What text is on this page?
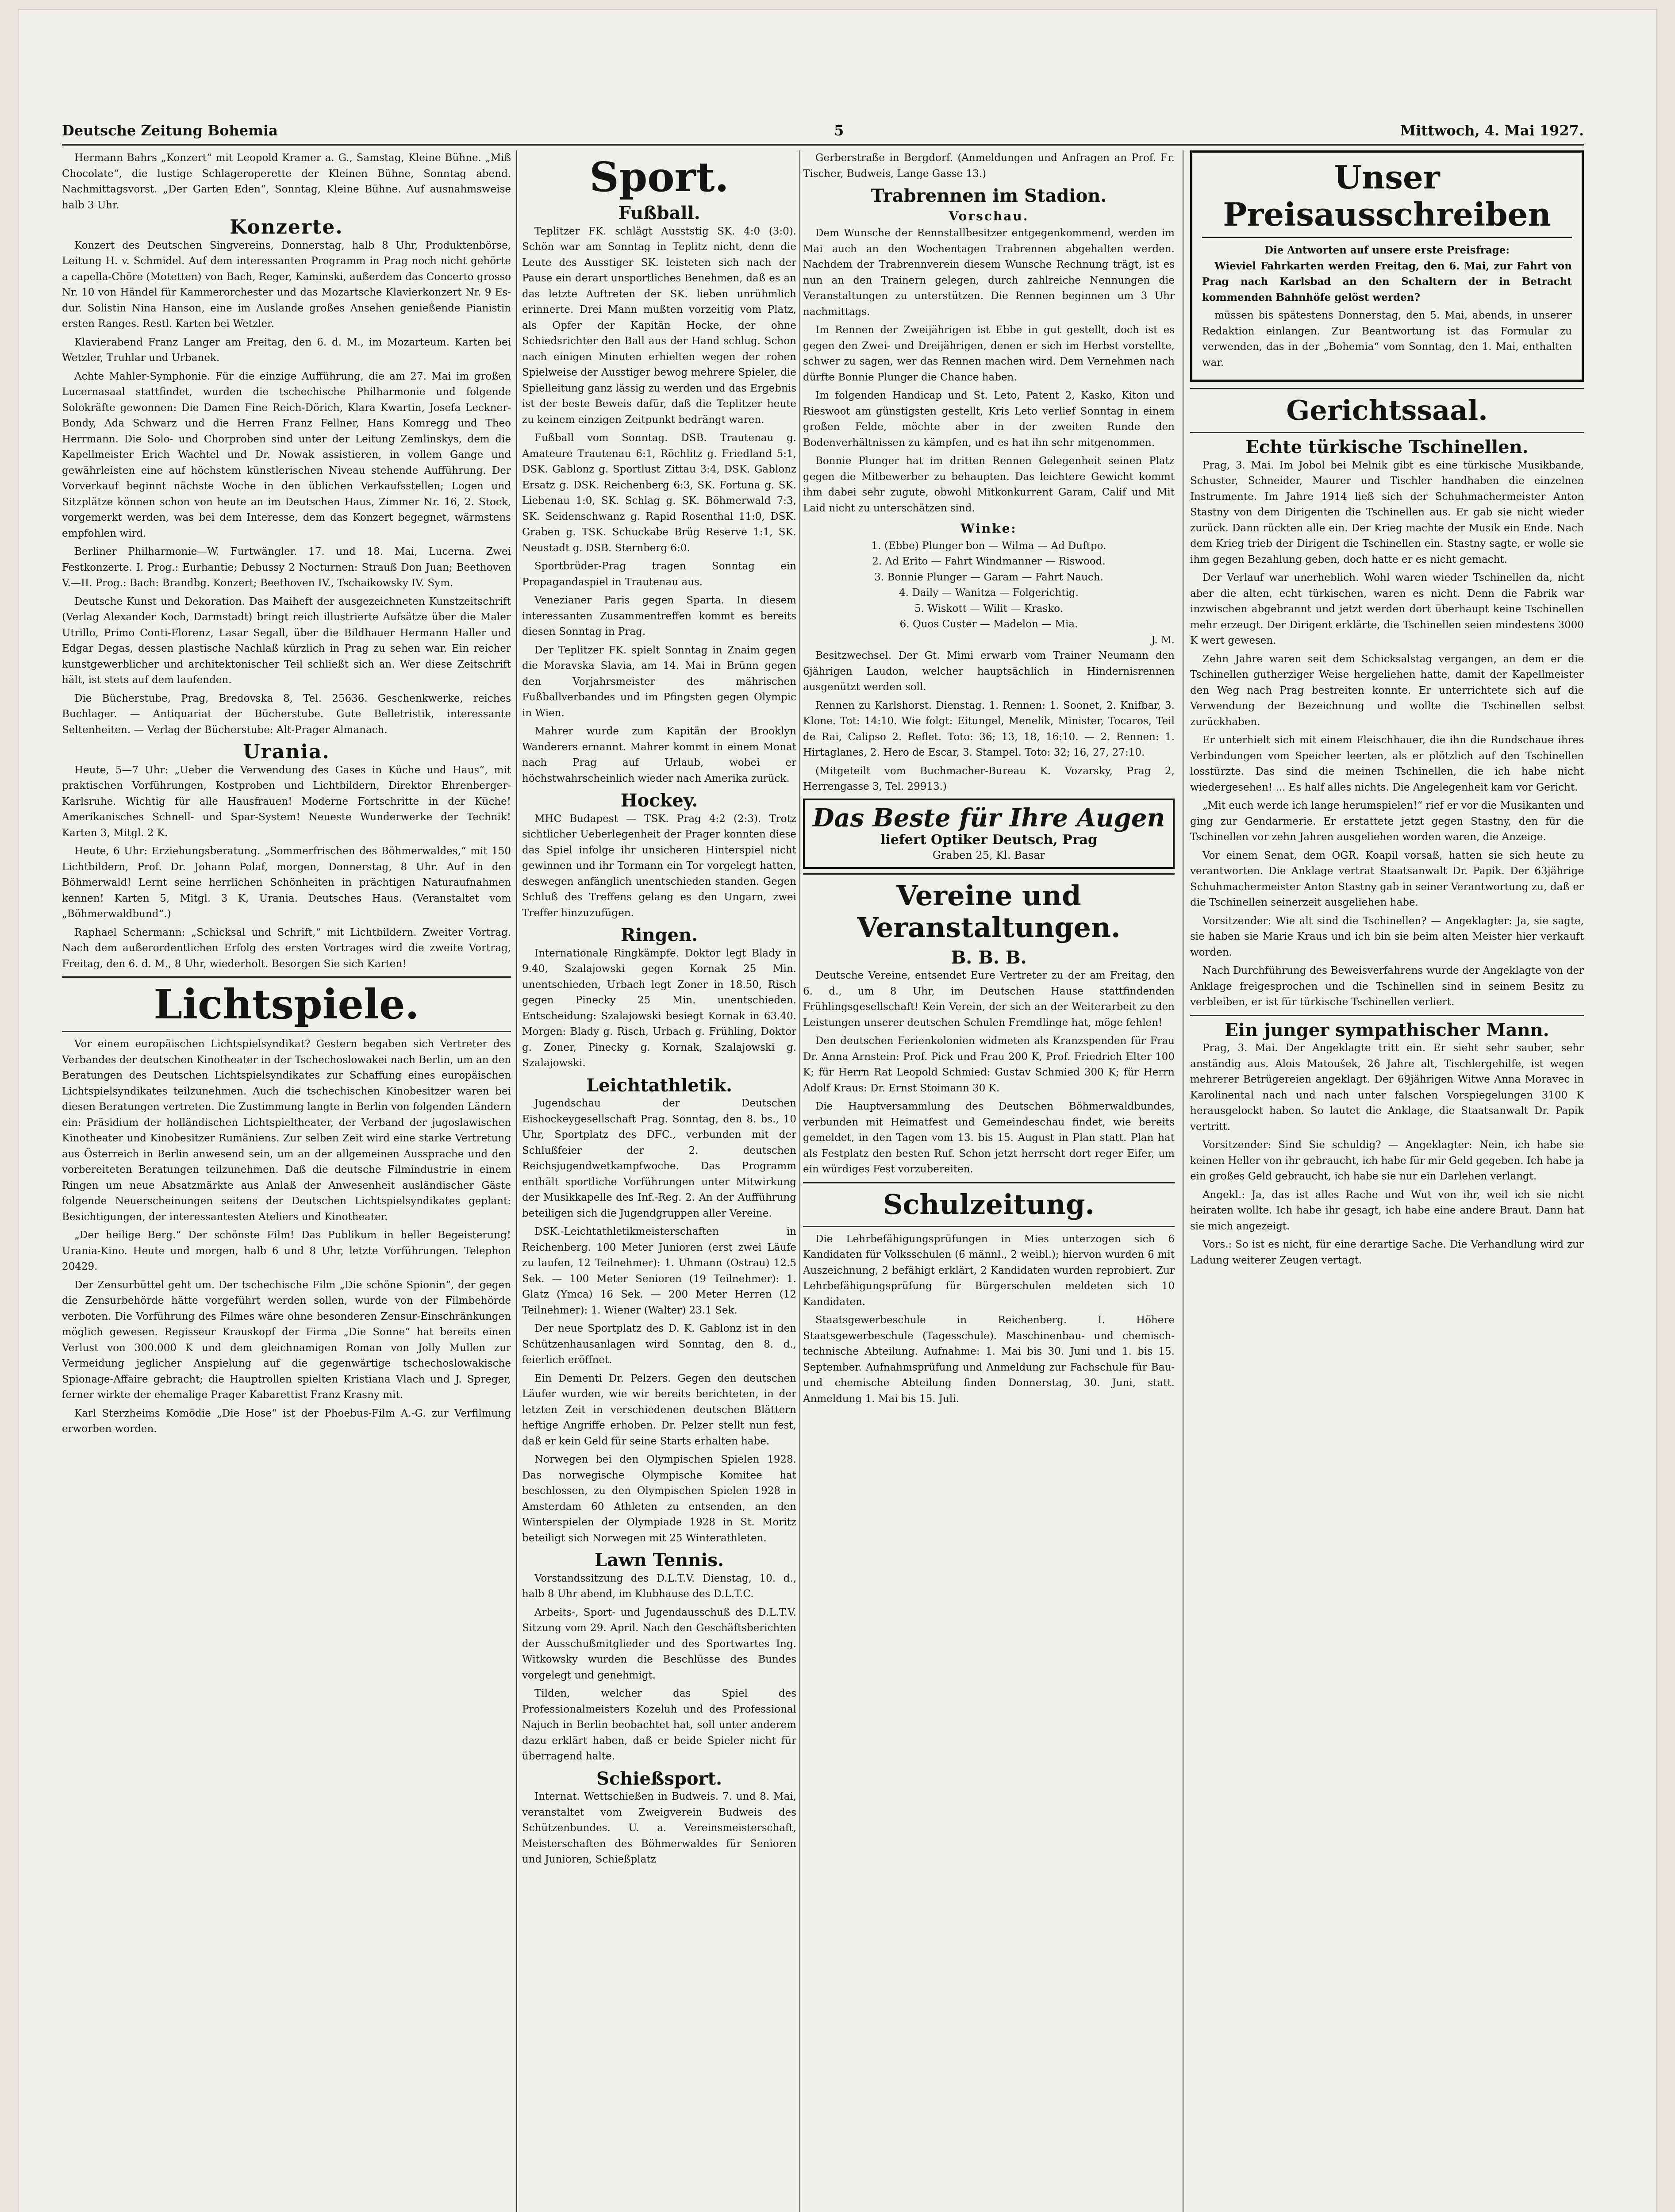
Deutsche Zeitung Bohemia	5	Mittwoch, 4. Mai 1927.

Hermann Bahrs „Konzert“ mit Leopold Kramer a. G., Samstag, Kleine Bühne. „Miß Chocolate“, die lustige Schlageroperette der Kleinen Bühne, Sonntag abend. Nachmittagsvorst. „Der Garten Eden“, Sonntag, Kleine Bühne. Auf ausnahmsweise halb 3 Uhr.

Konzerte.

Konzert des Deutschen Singvereins, Donnerstag, halb 8 Uhr, Produktenbörse, Leitung H. v. Schmidel. Auf dem interessanten Programm in Prag noch nicht gehörte a capella-Chöre (Motetten) von Bach, Reger, Kaminski, außerdem das Concerto grosso Nr. 10 von Händel für Kammerorchester und das Mozartsche Klavierkonzert Nr. 9 Es-dur. Solistin Nina Hanson, eine im Auslande großes Ansehen genießende Pianistin ersten Ranges. Restl. Karten bei Wetzler.

Klavierabend Franz Langer am Freitag, den 6. d. M., im Mozarteum. Karten bei Wetzler, Truhlar und Urbanek.

Achte Mahler-Symphonie. Für die einzige Aufführung, die am 27. Mai im großen Lucernasaal stattfindet, wurden die tschechische Philharmonie und folgende Solokräfte gewonnen: Die Damen Fine Reich-Dörich, Klara Kwartin, Josefa Leckner-Bondy, Ada Schwarz und die Herren Franz Fellner, Hans Komregg und Theo Herrmann. Die Solo- und Chorproben sind unter der Leitung Zemlinskys, dem die Kapellmeister Erich Wachtel und Dr. Nowak assistieren, in vollem Gange und gewährleisten eine auf höchstem künstlerischen Niveau stehende Aufführung. Der Vorverkauf beginnt nächste Woche in den üblichen Verkaufsstellen; Logen und Sitzplätze können schon von heute an im Deutschen Haus, Zimmer Nr. 16, 2. Stock, vorgemerkt werden, was bei dem Interesse, dem das Konzert begegnet, wärmstens empfohlen wird.

Berliner Philharmonie—W. Furtwängler. 17. und 18. Mai, Lucerna. Zwei Festkonzerte. I. Prog.: Eurhantie; Debussy 2 Nocturnen: Strauß Don Juan; Beethoven V.—II. Prog.: Bach: Brandbg. Konzert; Beethoven IV., Tschaikowsky IV. Sym.

Deutsche Kunst und Dekoration. Das Maiheft der ausgezeichneten Kunstzeitschrift (Verlag Alexander Koch, Darmstadt) bringt reich illustrierte Aufsätze über die Maler Utrillo, Primo Conti-Florenz, Lasar Segall, über die Bildhauer Hermann Haller und Edgar Degas, dessen plastische Nachlaß kürzlich in Prag zu sehen war. Ein reicher kunstgewerblicher und architektonischer Teil schließt sich an. Wer diese Zeitschrift hält, ist stets auf dem laufenden.

Die Bücherstube, Prag, Bredovska 8, Tel. 25636. Geschenkwerke, reiches Buchlager. — Antiquariat der Bücherstube. Gute Belletristik, interessante Seltenheiten. — Verlag der Bücherstube: Alt-Prager Almanach.

Urania.

Heute, 5—7 Uhr: „Ueber die Verwendung des Gases in Küche und Haus“, mit praktischen Vorführungen, Kostproben und Lichtbildern, Direktor Ehrenberger-Karlsruhe. Wichtig für alle Hausfrauen! Moderne Fortschritte in der Küche! Amerikanisches Schnell- und Spar-System! Neueste Wunderwerke der Technik! Karten 3, Mitgl. 2 K.

Heute, 6 Uhr: Erziehungsberatung. „Sommerfrischen des Böhmerwaldes,“ mit 150 Lichtbildern, Prof. Dr. Johann Polaf, morgen, Donnerstag, 8 Uhr. Auf in den Böhmerwald! Lernt seine herrlichen Schönheiten in prächtigen Naturaufnahmen kennen! Karten 5, Mitgl. 3 K, Urania. Deutsches Haus. (Veranstaltet vom „Böhmerwaldbund“.)

Raphael Schermann: „Schicksal und Schrift,“ mit Lichtbildern. Zweiter Vortrag. Nach dem außerordentlichen Erfolg des ersten Vortrages wird die zweite Vortrag, Freitag, den 6. d. M., 8 Uhr, wiederholt. Besorgen Sie sich Karten!

Lichtspiele.

Vor einem europäischen Lichtspielsyndikat? Gestern begaben sich Vertreter des Verbandes der deutschen Kinotheater in der Tschechoslowakei nach Berlin, um an den Beratungen des Deutschen Lichtspielsyndikates zur Schaffung eines europäischen Lichtspielsyndikates teilzunehmen. Auch die tschechischen Kinobesitzer waren bei diesen Beratungen vertreten. Die Zustimmung langte in Berlin von folgenden Ländern ein: Präsidium der holländischen Lichtspieltheater, der Verband der jugoslawischen Kinotheater und Kinobesitzer Rumäniens. Zur selben Zeit wird eine starke Vertretung aus Österreich in Berlin anwesend sein, um an der allgemeinen Aussprache und den vorbereiteten Beratungen teilzunehmen. Daß die deutsche Filmindustrie in einem Ringen um neue Absatzmärkte aus Anlaß der Anwesenheit ausländischer Gäste folgende Neuerscheinungen seitens der Deutschen Lichtspielsyndikates geplant: Besichtigungen, der interessantesten Ateliers und Kinotheater.

„Der heilige Berg.“ Der schönste Film! Das Publikum in heller Begeisterung! Urania-Kino. Heute und morgen, halb 6 und 8 Uhr, letzte Vorführungen. Telephon 20429.

Der Zensurbüttel geht um. Der tschechische Film „Die schöne Spionin“, der gegen die Zensurbehörde hätte vorgeführt werden sollen, wurde von der Filmbehörde verboten. Die Vorführung des Filmes wäre ohne besonderen Zensur-Einschränkungen möglich gewesen. Regisseur Krauskopf der Firma „Die Sonne“ hat bereits einen Verlust von 300.000 K und dem gleichnamigen Roman von Jolly Mullen zur Vermeidung jeglicher Anspielung auf die gegenwärtige tschechoslowakische Spionage-Affaire gebracht; die Hauptrollen spielten Kristiana Vlach und J. Spreger, ferner wirkte der ehemalige Prager Kabarettist Franz Krasny mit.

Karl Sterzheims Komödie „Die Hose“ ist der Phoebus-Film A.-G. zur Verfilmung erworben worden.

Sport.
Fußball.

Teplitzer FK. schlägt Ausststig SK. 4:0 (3:0). Schön war am Sonntag in Teplitz nicht, denn die Leute des Ausstiger SK. leisteten sich nach der Pause ein derart unsportliches Benehmen, daß es an das letzte Auftreten der SK. lieben unrühmlich erinnerte. Drei Mann mußten vorzeitig vom Platz, als Opfer der Kapitän Hocke, der ohne Schiedsrichter den Ball aus der Hand schlug. Schon nach einigen Minuten erhielten wegen der rohen Spielweise der Ausstiger bewog mehrere Spieler, die Spielleitung ganz lässig zu werden und das Ergebnis ist der beste Beweis dafür, daß die Teplitzer heute zu keinem einzigen Zeitpunkt bedrängt waren.

Fußball vom Sonntag. DSB. Trautenau g. Amateure Trautenau 6:1, Röchlitz g. Friedland 5:1, DSK. Gablonz g. Sportlust Zittau 3:4, DSK. Gablonz Ersatz g. DSK. Reichenberg 6:3, SK. Fortuna g. SK. Liebenau 1:0, SK. Schlag g. SK. Böhmerwald 7:3, SK. Seidenschwanz g. Rapid Rosenthal 11:0, DSK. Graben g. TSK. Schuckabe Brüg Reserve 1:1, SK. Neustadt g. DSB. Sternberg 6:0.

Sportbrüder-Prag tragen Sonntag ein Propagandaspiel in Trautenau aus.

Venezianer Paris gegen Sparta. In diesem interessanten Zusammentreffen kommt es bereits diesen Sonntag in Prag.

Der Teplitzer FK. spielt Sonntag in Znaim gegen die Moravska Slavia, am 14. Mai in Brünn gegen den Vorjahrsmeister des mährischen Fußballverbandes und im Pfingsten gegen Olympic in Wien.

Mahrer wurde zum Kapitän der Brooklyn Wanderers ernannt. Mahrer kommt in einem Monat nach Prag auf Urlaub, wobei er höchstwahrscheinlich wieder nach Amerika zurück.

Hockey.

MHC Budapest — TSK. Prag 4:2 (2:3). Trotz sichtlicher Ueberlegenheit der Prager konnten diese das Spiel infolge ihr unsicheren Hinterspiel nicht gewinnen und ihr Tormann ein Tor vorgelegt hatten, deswegen anfänglich unentschieden standen. Gegen Schluß des Treffens gelang es den Ungarn, zwei Treffer hinzuzufügen.

Ringen.

Internationale Ringkämpfe. Doktor legt Blady in 9.40, Szalajowski gegen Kornak 25 Min. unentschieden, Urbach legt Zoner in 18.50, Risch gegen Pinecky 25 Min. unentschieden. Entscheidung: Szalajowski besiegt Kornak in 63.40. Morgen: Blady g. Risch, Urbach g. Frühling, Doktor g. Zoner, Pinecky g. Kornak, Szalajowski g. Szalajowski.

Leichtathletik.

Jugendschau der Deutschen Eishockeygesellschaft Prag. Sonntag, den 8. bs., 10 Uhr, Sportplatz des DFC., verbunden mit der Schlußfeier der 2. deutschen Reichsjugendwetkampfwoche. Das Programm enthält sportliche Vorführungen unter Mitwirkung der Musikkapelle des Inf.-Reg. 2. An der Aufführung beteiligen sich die Jugendgruppen aller Vereine.

DSK.-Leichtathletikmeisterschaften in Reichenberg. 100 Meter Junioren (erst zwei Läufe zu laufen, 12 Teilnehmer): 1. Uhmann (Ostrau) 12.5 Sek. — 100 Meter Senioren (19 Teilnehmer): 1. Glatz (Ymca) 16 Sek. — 200 Meter Herren (12 Teilnehmer): 1. Wiener (Walter) 23.1 Sek.

Der neue Sportplatz des D. K. Gablonz ist in den Schützenhausanlagen wird Sonntag, den 8. d., feierlich eröffnet.

Ein Dementi Dr. Pelzers. Gegen den deutschen Läufer wurden, wie wir bereits berichteten, in der letzten Zeit in verschiedenen deutschen Blättern heftige Angriffe erhoben. Dr. Pelzer stellt nun fest, daß er kein Geld für seine Starts erhalten habe.

Norwegen bei den Olympischen Spielen 1928. Das norwegische Olympische Komitee hat beschlossen, zu den Olympischen Spielen 1928 in Amsterdam 60 Athleten zu entsenden, an den Winterspielen der Olympiade 1928 in St. Moritz beteiligt sich Norwegen mit 25 Winterathleten.

Lawn Tennis.

Vorstandssitzung des D.L.T.V. Dienstag, 10. d., halb 8 Uhr abend, im Klubhause des D.L.T.C.

Arbeits-, Sport- und Jugendausschuß des D.L.T.V. Sitzung vom 29. April. Nach den Geschäftsberichten der Ausschußmitglieder und des Sportwartes Ing. Witkowsky wurden die Beschlüsse des Bundes vorgelegt und genehmigt.

Tilden, welcher das Spiel des Professionalmeisters Kozeluh und des Professional Najuch in Berlin beobachtet hat, soll unter anderem dazu erklärt haben, daß er beide Spieler nicht für überragend halte.

Schießsport.

Internat. Wettschießen in Budweis. 7. und 8. Mai, veranstaltet vom Zweigverein Budweis des Schützenbundes. U. a. Vereinsmeisterschaft, Meisterschaften des Böhmerwaldes für Senioren und Junioren, Schießplatz

Gerberstraße in Bergdorf. (Anmeldungen und Anfragen an Prof. Fr. Tischer, Budweis, Lange Gasse 13.)

Trabrennen im Stadion.
Vorschau.

Dem Wunsche der Rennstallbesitzer entgegenkommend, werden im Mai auch an den Wochentagen Trabrennen abgehalten werden. Nachdem der Trabrennverein diesem Wunsche Rechnung trägt, ist es nun an den Trainern gelegen, durch zahlreiche Nennungen die Veranstaltungen zu unterstützen. Die Rennen beginnen um 3 Uhr nachmittags.

Im Rennen der Zweijährigen ist Ebbe in gut gestellt, doch ist es gegen den Zwei- und Dreijährigen, denen er sich im Herbst vorstellte, schwer zu sagen, wer das Rennen machen wird. Dem Vernehmen nach dürfte Bonnie Plunger die Chance haben.

Im folgenden Handicap und St. Leto, Patent 2, Kasko, Kiton und Rieswoot am günstigsten gestellt, Kris Leto verlief Sonntag in einem großen Felde, möchte aber in der zweiten Runde den Bodenverhältnissen zu kämpfen, und es hat ihn sehr mitgenommen.

Bonnie Plunger hat im dritten Rennen Gelegenheit seinen Platz gegen die Mitbewerber zu behaupten. Das leichtere Gewicht kommt ihm dabei sehr zugute, obwohl Mitkonkurrent Garam, Calif und Mit Laid nicht zu unterschätzen sind.

Winke:
1. (Ebbe) Plunger bon — Wilma — Ad Duftpo.
2. Ad Erito — Fahrt Windmanner — Riswood.
3. Bonnie Plunger — Garam — Fahrt Nauch.
4. Daily — Wanitza — Folgerichtig.
5. Wiskott — Wilit — Krasko.
6. Quos Custer — Madelon — Mia.
J. M.

Besitzwechsel. Der Gt. Mimi erwarb vom Trainer Neumann den 6jährigen Laudon, welcher hauptsächlich in Hindernisrennen ausgenützt werden soll.

Rennen zu Karlshorst. Dienstag. 1. Rennen: 1. Soonet, 2. Knifbar, 3. Klone. Tot: 14:10. Wie folgt: Eitungel, Menelik, Minister, Tocaros, Teil de Rai, Calipso 2. Reflet. Toto: 36; 13, 18, 16:10. — 2. Rennen: 1. Hirtaglanes, 2. Hero de Escar, 3. Stampel. Toto: 32; 16, 27, 27:10.

(Mitgeteilt vom Buchmacher-Bureau K. Vozarsky, Prag 2, Herrengasse 3, Tel. 29913.)

Das Beste für Ihre Augen
liefert Optiker Deutsch, Prag
Graben 25, Kl. Basar
Vereine und Veranstaltungen.
B. B. B.

Deutsche Vereine, entsendet Eure Vertreter zu der am Freitag, den 6. d., um 8 Uhr, im Deutschen Hause stattfindenden Frühlingsgesellschaft! Kein Verein, der sich an der Weiterarbeit zu den Leistungen unserer deutschen Schulen Fremdlinge hat, möge fehlen!

Den deutschen Ferienkolonien widmeten als Kranzspenden für Frau Dr. Anna Arnstein: Prof. Pick und Frau 200 K, Prof. Friedrich Elter 100 K; für Herrn Rat Leopold Schmied: Gustav Schmied 300 K; für Herrn Adolf Kraus: Dr. Ernst Stoimann 30 K.

Die Hauptversammlung des Deutschen Böhmerwaldbundes, verbunden mit Heimatfest und Gemeindeschau findet, wie bereits gemeldet, in den Tagen vom 13. bis 15. August in Plan statt. Plan hat als Festplatz den besten Ruf. Schon jetzt herrscht dort reger Eifer, um ein würdiges Fest vorzubereiten.

Schulzeitung.

Die Lehrbefähigungsprüfungen in Mies unterzogen sich 6 Kandidaten für Volksschulen (6 männl., 2 weibl.); hiervon wurden 6 mit Auszeichnung, 2 befähigt erklärt, 2 Kandidaten wurden reprobiert. Zur Lehrbefähigungsprüfung für Bürgerschulen meldeten sich 10 Kandidaten.

Staatsgewerbeschule in Reichenberg. I. Höhere Staatsgewerbeschule (Tagesschule). Maschinenbau- und chemisch-technische Abteilung. Aufnahme: 1. Mai bis 30. Juni und 1. bis 15. September. Aufnahmsprüfung und Anmeldung zur Fachschule für Bau- und chemische Abteilung finden Donnerstag, 30. Juni, statt. Anmeldung 1. Mai bis 15. Juli.

Unser Preisausschreiben
Die Antworten auf unsere erste Preisfrage:

Wieviel Fahrkarten werden Freitag, den 6. Mai, zur Fahrt von Prag nach Karlsbad an den Schaltern der in Betracht kommenden Bahnhöfe gelöst werden?

müssen bis spätestens Donnerstag, den 5. Mai, abends, in unserer Redaktion einlangen. Zur Beantwortung ist das Formular zu verwenden, das in der „Bohemia“ vom Sonntag, den 1. Mai, enthalten war.

Gerichtssaal.
Echte türkische Tschinellen.

Prag, 3. Mai. Im Jobol bei Melnik gibt es eine türkische Musikbande, Schuster, Schneider, Maurer und Tischler handhaben die einzelnen Instrumente. Im Jahre 1914 ließ sich der Schuhmachermeister Anton Stastny von dem Dirigenten die Tschinellen aus. Er gab sie nicht wieder zurück. Dann rückten alle ein. Der Krieg machte der Musik ein Ende. Nach dem Krieg trieb der Dirigent die Tschinellen ein. Stastny sagte, er wolle sie ihm gegen Bezahlung geben, doch hatte er es nicht gemacht.

Der Verlauf war unerheblich. Wohl waren wieder Tschinellen da, nicht aber die alten, echt türkischen, waren es nicht. Denn die Fabrik war inzwischen abgebrannt und jetzt werden dort überhaupt keine Tschinellen mehr erzeugt. Der Dirigent erklärte, die Tschinellen seien mindestens 3000 K wert gewesen.

Zehn Jahre waren seit dem Schicksalstag vergangen, an dem er die Tschinellen gutherziger Weise hergeliehen hatte, damit der Kapellmeister den Weg nach Prag bestreiten konnte. Er unterrichtete sich auf die Verwendung der Bezeichnung und wollte die Tschinellen selbst zurückhaben.

Er unterhielt sich mit einem Fleischhauer, die ihn die Rundschaue ihres Verbindungen vom Speicher leerten, als er plötzlich auf den Tschinellen losstürzte. Das sind die meinen Tschinellen, die ich habe nicht wiedergesehen! ... Es half alles nichts. Die Angelegenheit kam vor Gericht.

„Mit euch werde ich lange herumspielen!“ rief er vor die Musikanten und ging zur Gendarmerie. Er erstattete jetzt gegen Stastny, den für die Tschinellen vor zehn Jahren ausgeliehen worden waren, die Anzeige.

Vor einem Senat, dem OGR. Koapil vorsaß, hatten sie sich heute zu verantworten. Die Anklage vertrat Staatsanwalt Dr. Papik. Der 63jährige Schuhmachermeister Anton Stastny gab in seiner Verantwortung zu, daß er die Tschinellen seinerzeit ausgeliehen habe.

Vorsitzender: Wie alt sind die Tschinellen? — Angeklagter: Ja, sie sagte, sie haben sie Marie Kraus und ich bin sie beim alten Meister hier verkauft worden.

Nach Durchführung des Beweisverfahrens wurde der Angeklagte von der Anklage freigesprochen und die Tschinellen sind in seinem Besitz zu verbleiben, er ist für türkische Tschinellen verliert.

Ein junger sympathischer Mann.

Prag, 3. Mai. Der Angeklagte tritt ein. Er sieht sehr sauber, sehr anständig aus. Alois Matoušek, 26 Jahre alt, Tischlergehilfe, ist wegen mehrerer Betrügereien angeklagt. Der 69jährigen Witwe Anna Moravec in Karolinental nach und nach unter falschen Vorspiegelungen 3100 K herausgelockt haben. So lautet die Anklage, die Staatsanwalt Dr. Papik vertritt.

Vorsitzender: Sind Sie schuldig? — Angeklagter: Nein, ich habe sie keinen Heller von ihr gebraucht, ich habe für mir Geld gegeben. Ich habe ja ein großes Geld gebraucht, ich habe sie nur ein Darlehen verlangt.

Angekl.: Ja, das ist alles Rache und Wut von ihr, weil ich sie nicht heiraten wollte. Ich habe ihr gesagt, ich habe eine andere Braut. Dann hat sie mich angezeigt.

Vors.: So ist es nicht, für eine derartige Sache. Die Verhandlung wird zur Ladung weiterer Zeugen vertagt.
